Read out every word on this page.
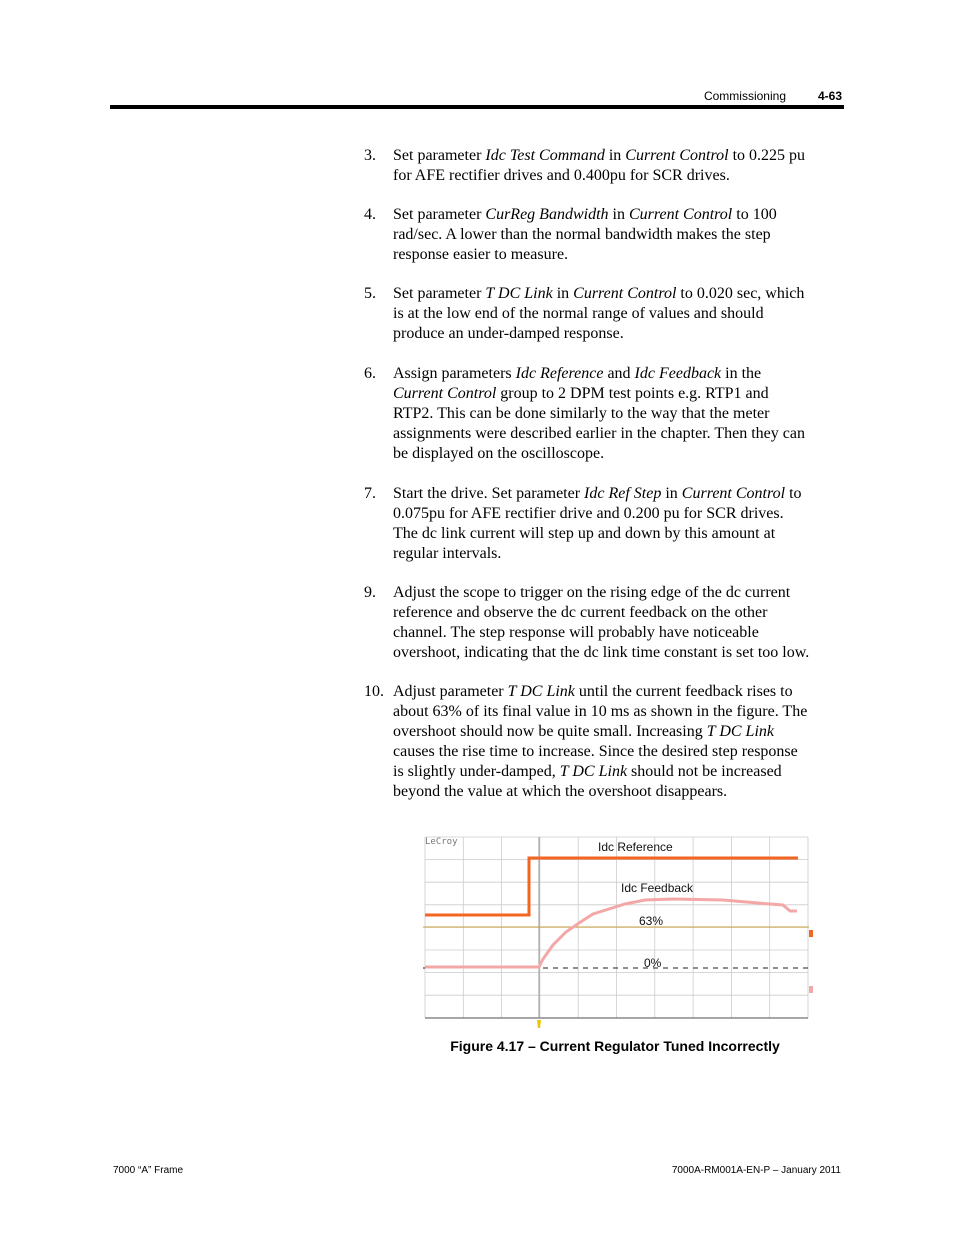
Commissioning	4-63
3. Set parameter Idc Test Command in Current Control to 0.225 pu
for AFE rectifier drives and 0.400pu for SCR drives.
4. Set parameter CurReg Bandwidth in Current Control to 100
rad/sec. A lower than the normal bandwidth makes the step
response easier to measure.
5. Set parameter T DC Link in Current Control to 0.020 sec, which
is at the low end of the normal range of values and should
produce an under-damped response.
6. Assign parameters Idc Reference and Idc Feedback in the
Current Control group to 2 DPM test points e.g. RTP1 and
RTP2. This can be done similarly to the way that the meter
assignments were described earlier in the chapter. Then they can
be displayed on the oscilloscope.
7. Start the drive. Set parameter Idc Ref Step in Current Control to
0.075pu for AFE rectifier drive and 0.200 pu for SCR drives.
The dc link current will step up and down by this amount at
regular intervals.
9. Adjust the scope to trigger on the rising edge of the dc current
reference and observe the dc current feedback on the other
channel. The step response will probably have noticeable
overshoot, indicating that the dc link time constant is set too low.
10. Adjust parameter T DC Link until the current feedback rises to
about 63% of its final value in 10 ms as shown in the figure. The
overshoot should now be quite small. Increasing T DC Link
causes the rise time to increase. Since the desired step response
is slightly under-damped, T DC Link should not be increased
beyond the value at which the overshoot disappears.
LeCroy	Idc Reference
Idc Feedback
63%
0%
Figure 4.17 – Current Regulator Tuned Incorrectly
7000 “A” Frame	7000A-RM001A-EN-P – January 2011
